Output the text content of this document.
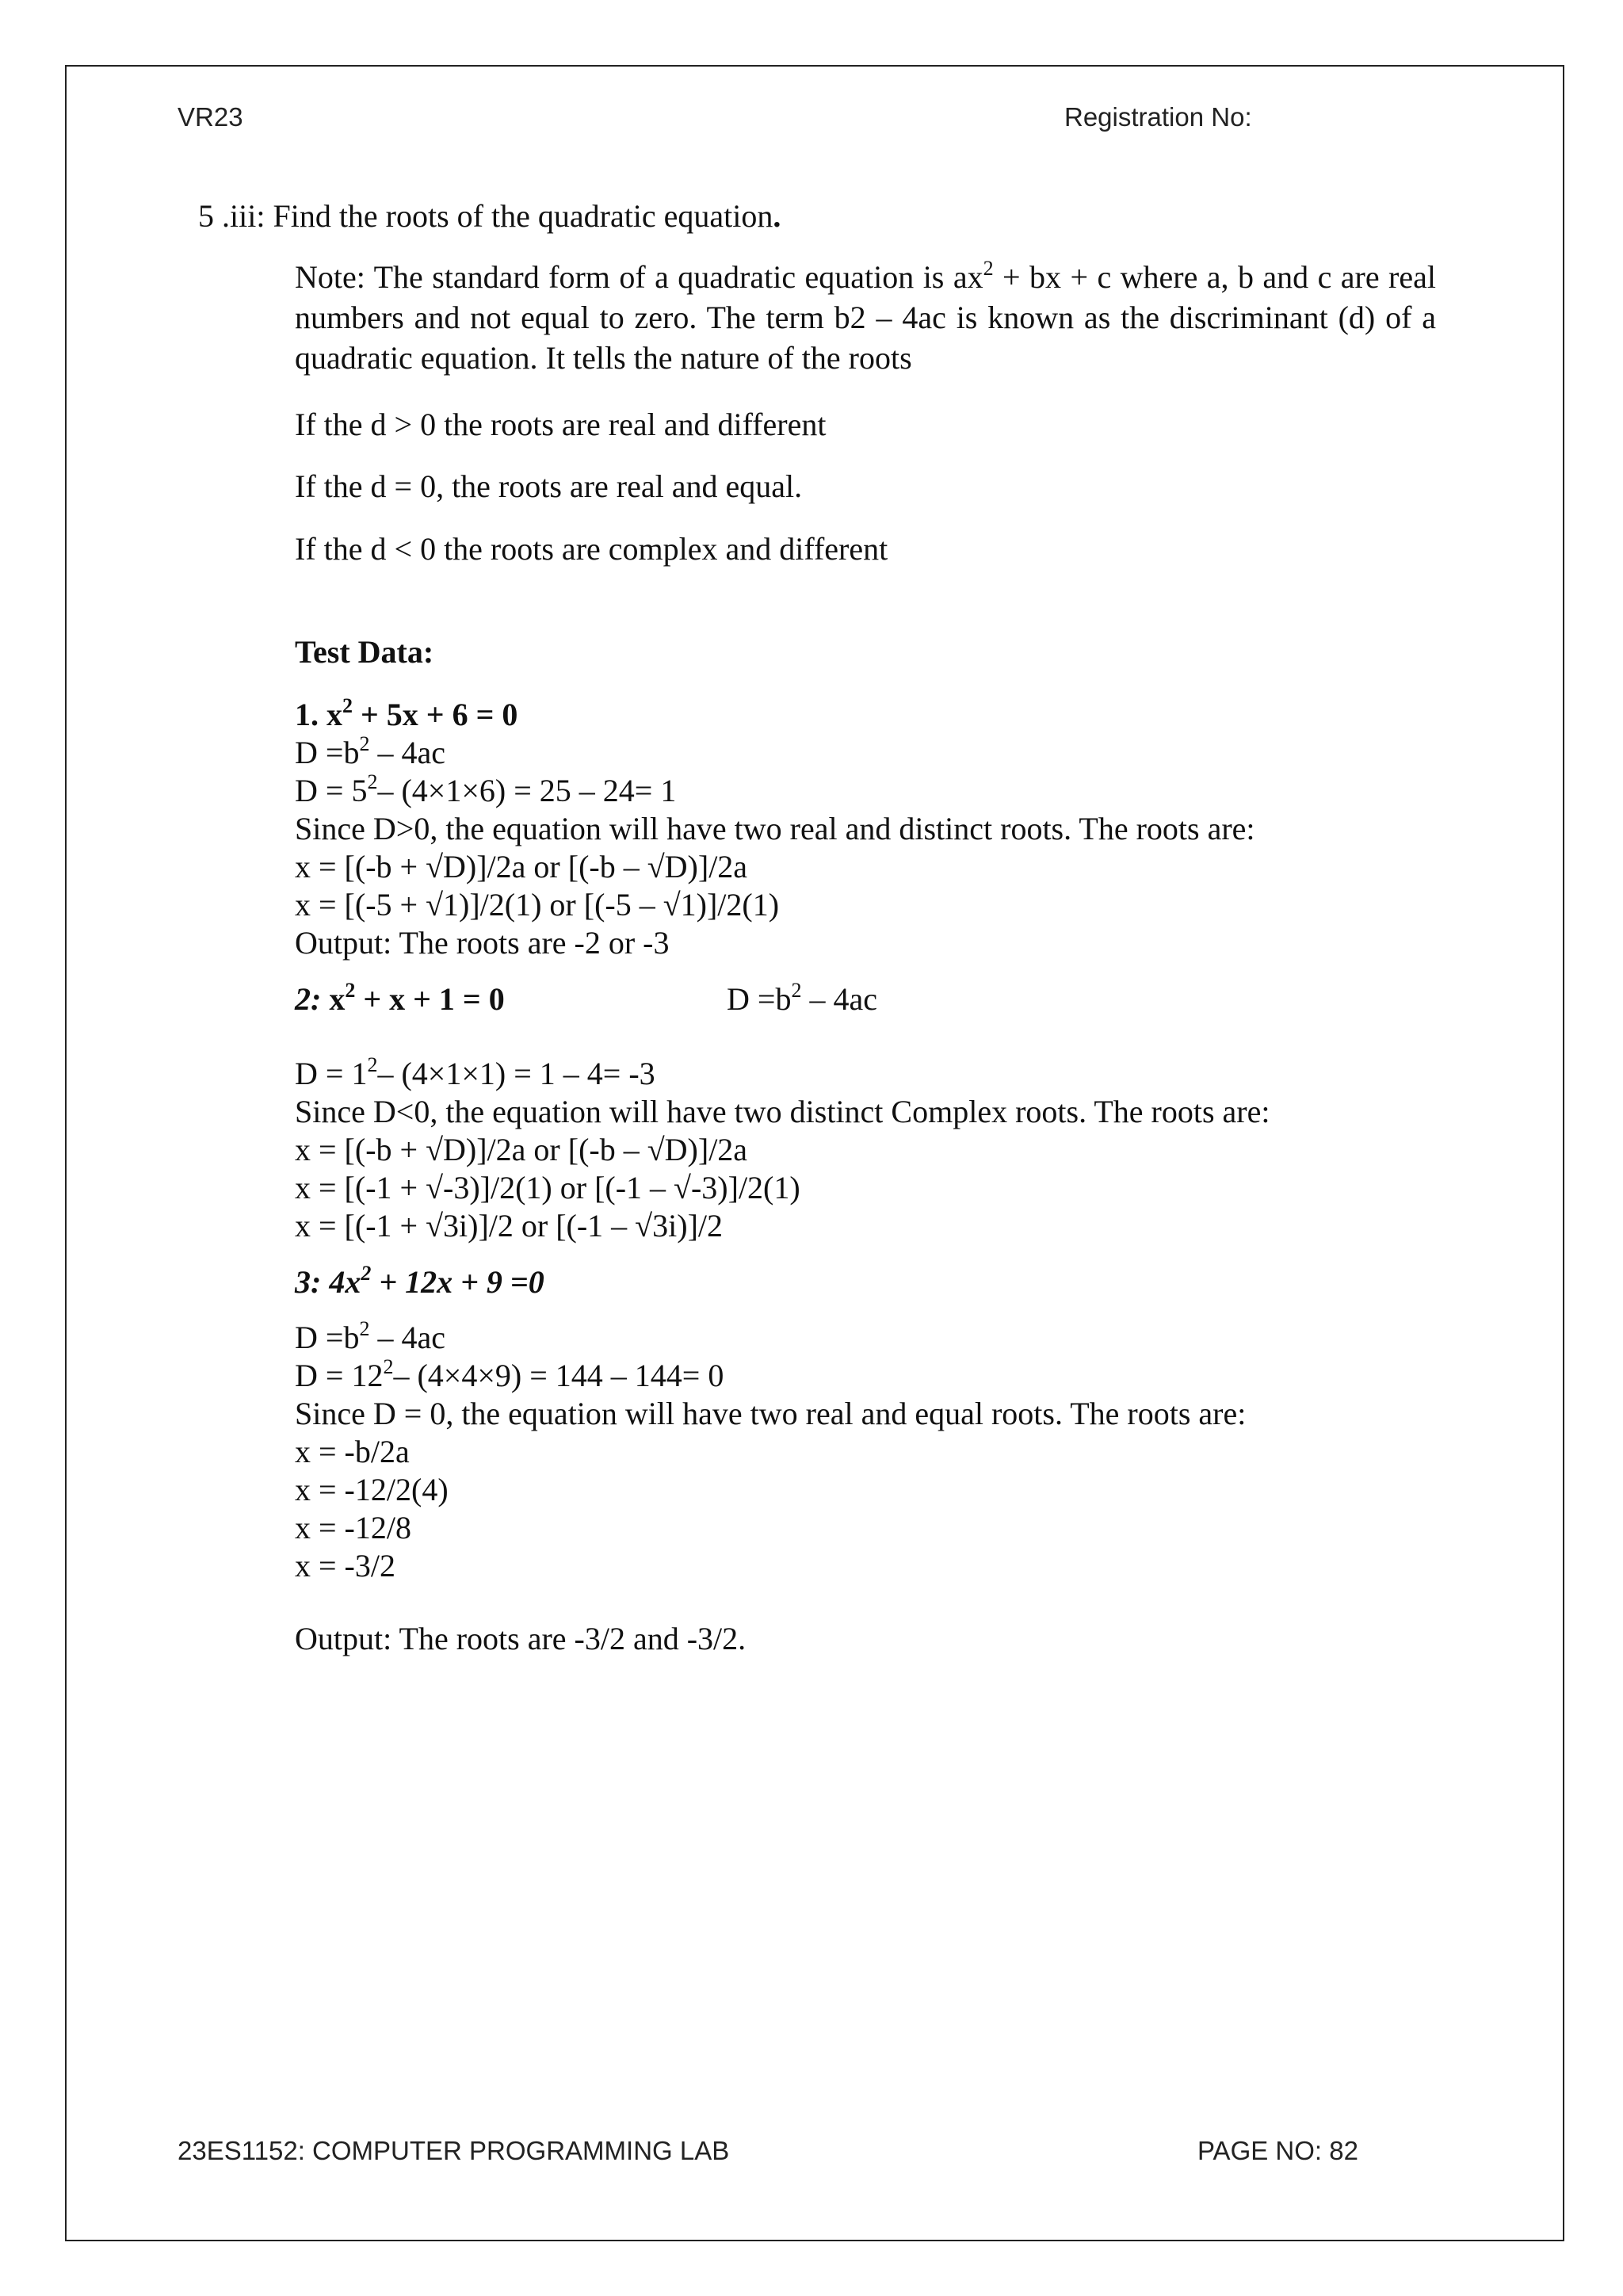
VR23	Registration No:
5 .iii: Find the roots of the quadratic equation.
Note: The standard form of a quadratic equation is $ax^2$ + bx + c where a, b and c are real numbers and not equal to zero. The term b2 – 4ac is known as the discriminant (d) of a quadratic equation. It tells the nature of the roots
If the d > 0 the roots are real and different
If the d = 0, the roots are real and equal.
If the d < 0 the roots are complex and different
Test Data:
1. $x^2 + 5x + 6 = 0$
$D =b^2 - 4ac$
$D = 5^2-$ (4×1×6) = 25 – 24= 1
Since D>0, the equation will have two real and distinct roots. The roots are:
x = [(-b + √D)]/2a or [(-b – √D)]/2a
x = [(-5 + √1)]/2(1) or [(-5 – √1)]/2(1)
Output: The roots are -2 or -3
2: $x^2 + x + 1 = 0$	$D =b^2 - 4ac$
$D = 1^2-$ (4×1×1) = 1 – 4= -3
Since D<0, the equation will have two distinct Complex roots. The roots are:
x = [(-b + √D)]/2a or [(-b – √D)]/2a
x = [(-1 + √-3)]/2(1) or [(-1 – √-3)]/2(1)
x = [(-1 + √3i)]/2 or [(-1 – √3i)]/2
3: $4x^2 + 12x + 9 =0$
$D =b^2 - 4ac$
$D = 12^2-$ (4×4×9) = 144 – 144= 0
Since D = 0, the equation will have two real and equal roots. The roots are:
x = -b/2a
x = -12/2(4)
x = -12/8
x = -3/2
Output: The roots are -3/2 and -3/2.
23ES1152: COMPUTER PROGRAMMING LAB	PAGE NO: 82
